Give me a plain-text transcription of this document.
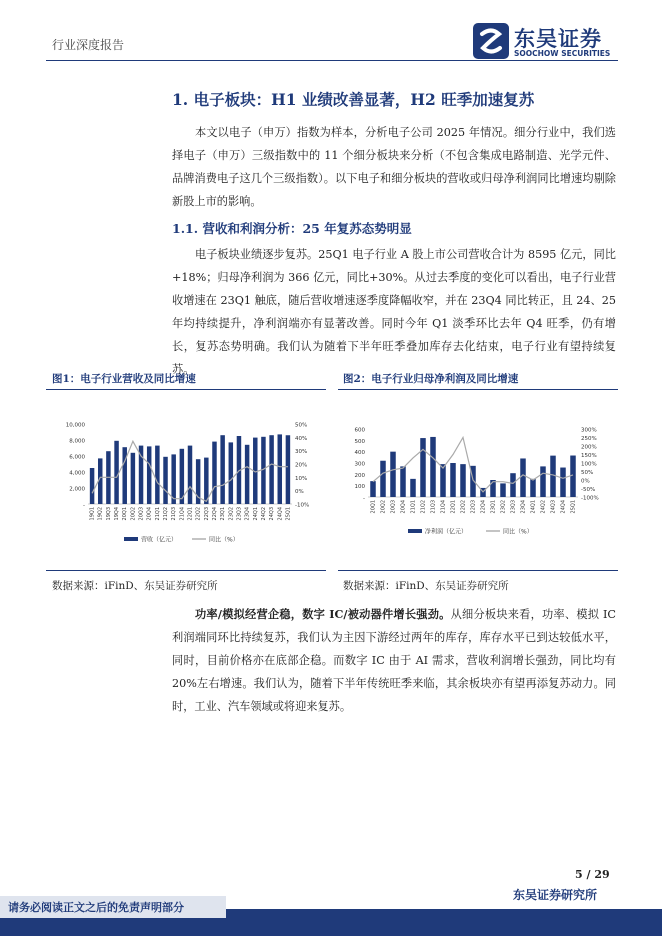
行业深度报告	东吴证券
SOOCHOW SECURITIES
1. 电子板块：H1 业绩改善显著，H2 旺季加速复苏
本文以电子（申万）指数为样本，分析电子公司 2025 年情况。细分行业中，我们选择电子（申万）三级指数中的 11 个细分板块来分析（不包含集成电路制造、光学元件、品牌消费电子这几个三级指数）。以下电子和细分板块的营收或归母净利润同比增速均剔除新股上市的影响。
1.1. 营收和利润分析：25 年复苏态势明显
电子板块业绩逐步复苏。25Q1 电子行业 A 股上市公司营收合计为 8595 亿元，同比+18%；归母净利润为 366 亿元，同比+30%。从过去季度的变化可以看出，电子行业营收增速在 23Q1 触底，随后营收增速逐季度降幅收窄，并在 23Q4 同比转正，且 24、25 年均持续提升，净利润端亦有显著改善。同时今年 Q1 淡季环比去年 Q4 旺季，仍有增长，复苏态势明确。我们认为随着下半年旺季叠加库存去化结束，电子行业有望持续复苏。
图1：电子行业营收及同比增速
-
2,000
4,000
6,000
8,000
10,000
-10%
0%
10%
20%
30%
40%
50%
19Q1 19Q2 19Q3 19Q4 20Q1 20Q2 20Q3 20Q4 21Q1 21Q2 21Q3 21Q4 22Q1 22Q2 22Q3 22Q4 23Q1 23Q2 23Q3 23Q4 24Q1 24Q2 24Q3 24Q4 25Q1
营收（亿元）	同比（%）
数据来源：iFinD、东吴证券研究所
图2：电子行业归母净利润及同比增速
-
100
200
300
400
500
600
-100%
-50%
0%
50%
100%
150%
200%
250%
300%
20Q1 20Q2 20Q3 20Q4 21Q1 21Q2 21Q3 21Q4 22Q1 22Q2 22Q3 22Q4 23Q1 23Q2 23Q3 23Q4 24Q1 24Q2 24Q3 24Q4 25Q1
净利润（亿元）	同比（%）
数据来源：iFinD、东吴证券研究所
功率/模拟经营企稳，数字 IC/被动器件增长强劲。从细分板块来看，功率、模拟 IC 利润端同环比持续复苏，我们认为主因下游经过两年的库存，库存水平已到达较低水平，同时，目前价格亦在底部企稳。而数字 IC 由于 AI 需求，营收利润增长强劲，同比均有 20%左右增速。我们认为，随着下半年传统旺季来临，其余板块亦有望再添复苏动力。同时，工业、汽车领域或将迎来复苏。
5 / 29
东吴证券研究所
请务必阅读正文之后的免责声明部分
